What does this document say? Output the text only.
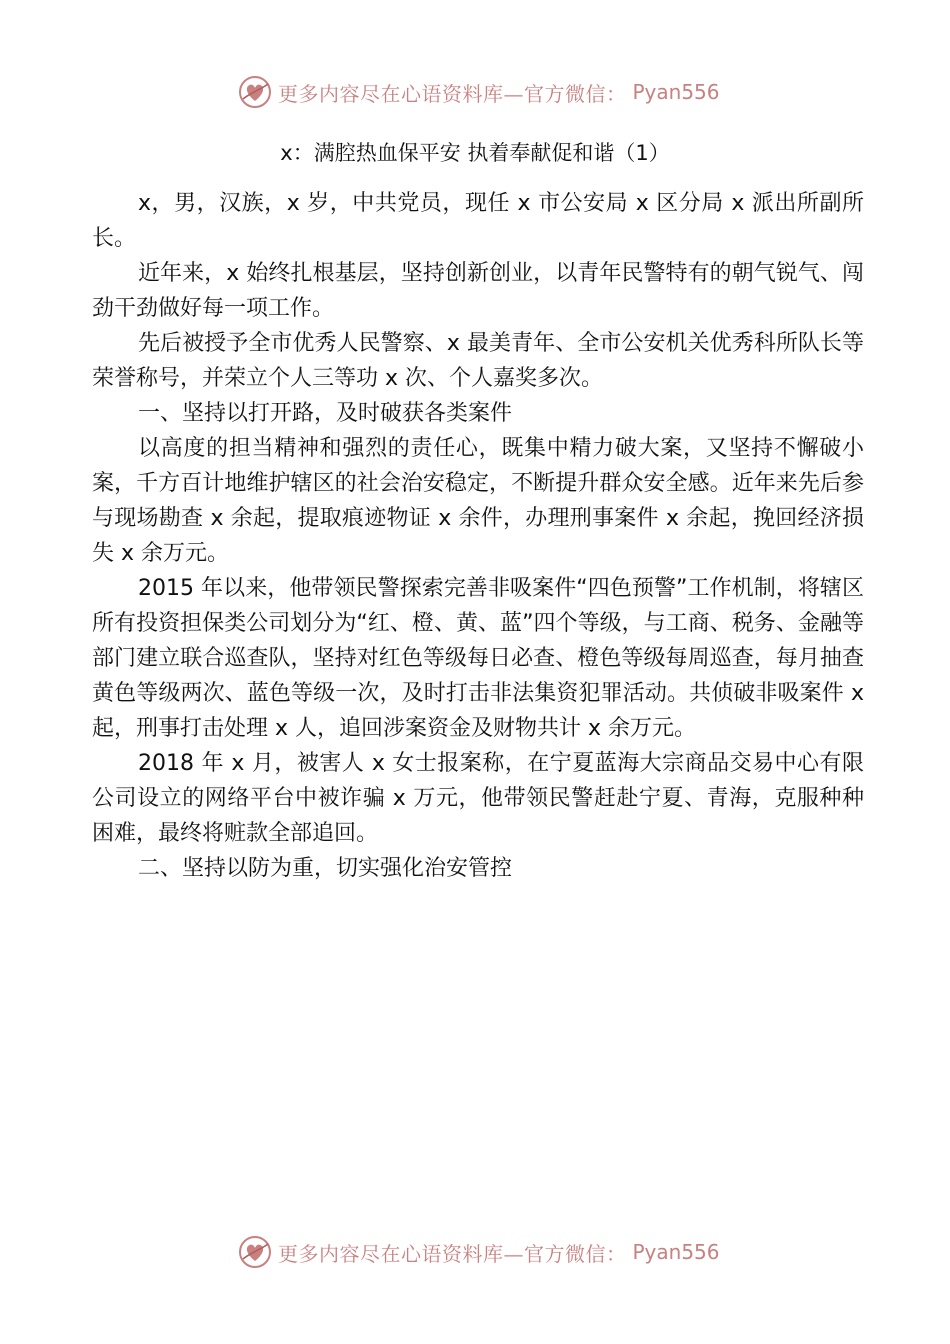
更多内容尽在心语资料库—官方微信： Pyan556
x：满腔热血保平安 执着奉献促和谐（1）

x，男，汉族，x 岁，中共党员，现任 x 市公安局 x 区分局 x 派出所副所长。

近年来，x 始终扎根基层，坚持创新创业，以青年民警特有的朝气锐气、闯劲干劲做好每一项工作。

先后被授予全市优秀人民警察、x 最美青年、全市公安机关优秀科所队长等荣誉称号，并荣立个人三等功 x 次、个人嘉奖多次。

一、坚持以打开路，及时破获各类案件

以高度的担当精神和强烈的责任心，既集中精力破大案，又坚持不懈破小案，千方百计地维护辖区的社会治安稳定，不断提升群众安全感。近年来先后参与现场勘查 x 余起，提取痕迹物证 x 余件，办理刑事案件 x 余起，挽回经济损失 x 余万元。

2015 年以来，他带领民警探索完善非吸案件“四色预警”工作机制，将辖区所有投资担保类公司划分为“红、橙、黄、蓝”四个等级，与工商、税务、金融等部门建立联合巡查队，坚持对红色等级每日必查、橙色等级每周巡查，每月抽查黄色等级两次、蓝色等级一次，及时打击非法集资犯罪活动。共侦破非吸案件 x 起，刑事打击处理 x 人，追回涉案资金及财物共计 x 余万元。

2018 年 x 月，被害人 x 女士报案称，在宁夏蓝海大宗商品交易中心有限公司设立的网络平台中被诈骗 x 万元，他带领民警赶赴宁夏、青海，克服种种困难，最终将赃款全部追回。

二、坚持以防为重，切实强化治安管控

更多内容尽在心语资料库—官方微信： Pyan556
